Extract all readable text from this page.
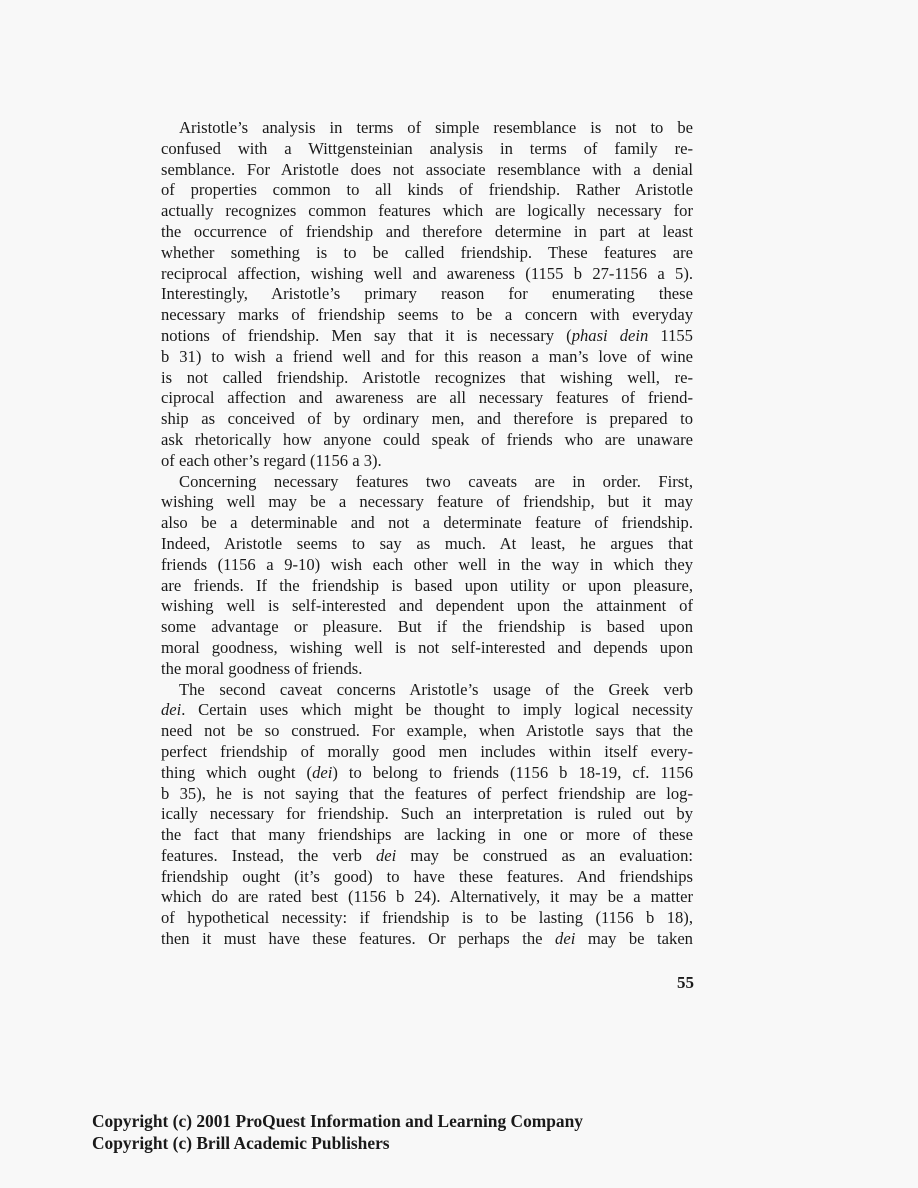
Aristotle’s analysis in terms of simple resemblance is not to be
confused with a Wittgensteinian analysis in terms of family re-
semblance. For Aristotle does not associate resemblance with a denial
of properties common to all kinds of friendship. Rather Aristotle
actually recognizes common features which are logically necessary for
the occurrence of friendship and therefore determine in part at least
whether something is to be called friendship. These features are
reciprocal affection, wishing well and awareness (1155 b 27-1156 a 5).
Interestingly, Aristotle’s primary reason for enumerating these
necessary marks of friendship seems to be a concern with everyday
notions of friendship. Men say that it is necessary (phasi dein 1155
b 31) to wish a friend well and for this reason a man’s love of wine
is not called friendship. Aristotle recognizes that wishing well, re-
ciprocal affection and awareness are all necessary features of friend-
ship as conceived of by ordinary men, and therefore is prepared to
ask rhetorically how anyone could speak of friends who are unaware
of each other’s regard (1156 a 3).
Concerning necessary features two caveats are in order. First,
wishing well may be a necessary feature of friendship, but it may
also be a determinable and not a determinate feature of friendship.
Indeed, Aristotle seems to say as much. At least, he argues that
friends (1156 a 9-10) wish each other well in the way in which they
are friends. If the friendship is based upon utility or upon pleasure,
wishing well is self-interested and dependent upon the attainment of
some advantage or pleasure. But if the friendship is based upon
moral goodness, wishing well is not self-interested and depends upon
the moral goodness of friends.
The second caveat concerns Aristotle’s usage of the Greek verb
dei. Certain uses which might be thought to imply logical necessity
need not be so construed. For example, when Aristotle says that the
perfect friendship of morally good men includes within itself every-
thing which ought (dei) to belong to friends (1156 b 18-19, cf. 1156
b 35), he is not saying that the features of perfect friendship are log-
ically necessary for friendship. Such an interpretation is ruled out by
the fact that many friendships are lacking in one or more of these
features. Instead, the verb dei may be construed as an evaluation:
friendship ought (it’s good) to have these features. And friendships
which do are rated best (1156 b 24). Alternatively, it may be a matter
of hypothetical necessity: if friendship is to be lasting (1156 b 18),
then it must have these features. Or perhaps the dei may be taken
55
Copyright (c) 2001 ProQuest Information and Learning Company
Copyright (c) Brill Academic Publishers
